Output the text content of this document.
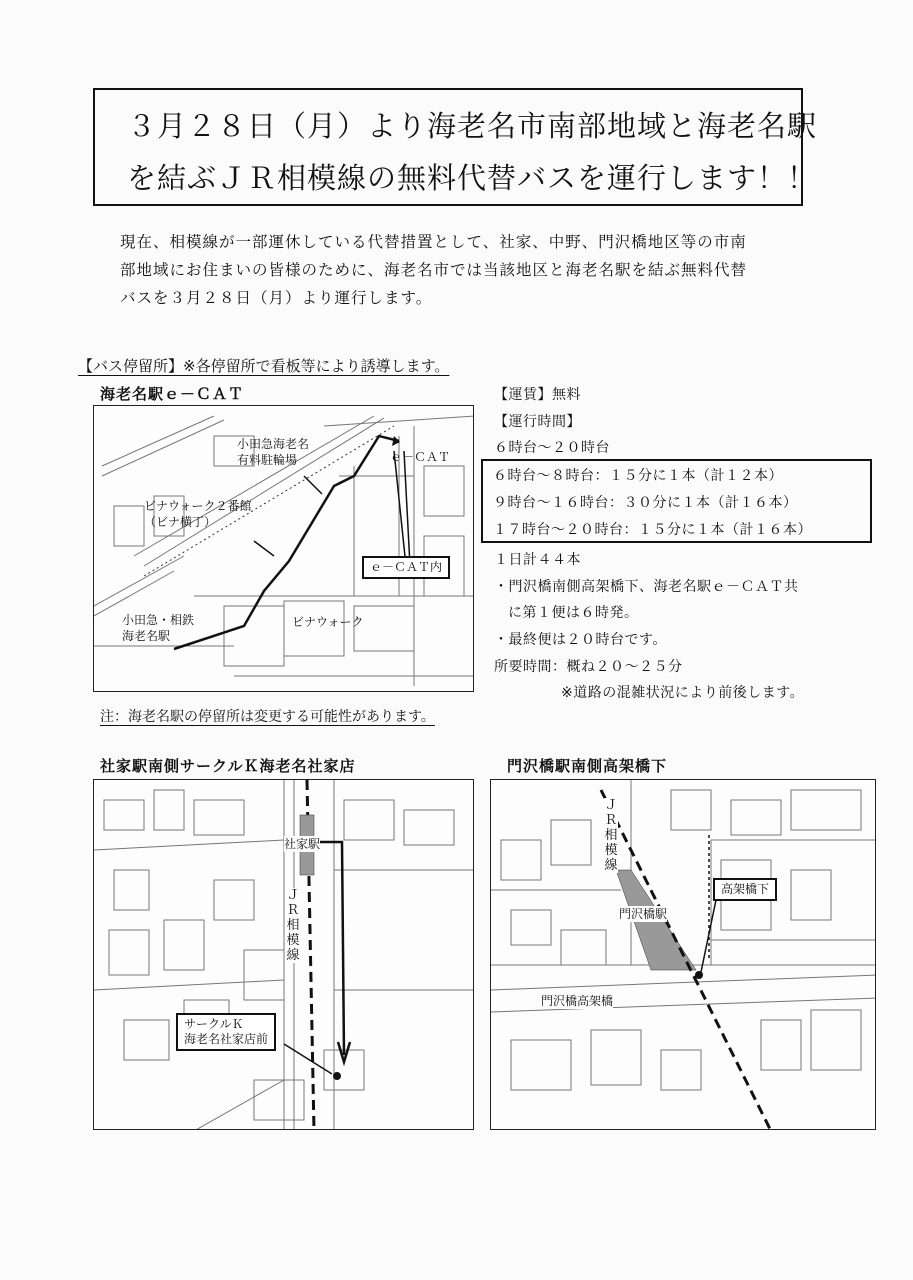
３月２８日（月）より海老名市南部地域と海老名駅
を結ぶＪＲ相模線の無料代替バスを運行します！！
現在、相模線が一部運休している代替措置として、社家、中野、門沢橋地区等の市南
部地域にお住まいの皆様のために、海老名市では当該地区と海老名駅を結ぶ無料代替
バスを３月２８日（月）より運行します。
【バス停留所】※各停留所で看板等により誘導します。
海老名駅ｅ－ＣＡＴ
小田急海老名
有料駐輪場
ビナウォーク２番館
（ビナ横丁）
小田急・相鉄
海老名駅
ビナウォーク
ｅ－ＣＡＴ
ｅ－ＣＡＴ内
【運賃】無料
【運行時間】
６時台～２０時台
６時台～８時台：１５分に１本（計１２本）
９時台～１６時台：３０分に１本（計１６本）
１７時台～２０時台：１５分に１本（計１６本）
１日計４４本
・門沢橋南側高架橋下、海老名駅ｅ－ＣＡＴ共
に第１便は６時発。
・最終便は２０時台です。
所要時間：概ね２０～２５分
※道路の混雑状況により前後します。
注：海老名駅の停留所は変更する可能性があります。
社家駅南側サークルＫ海老名社家店
社家駅
ＪＲ相模線
サークルＫ
海老名社家店前
門沢橋駅南側高架橋下
ＪＲ相模線
門沢橋駅
高架橋下
門沢橋高架橋
